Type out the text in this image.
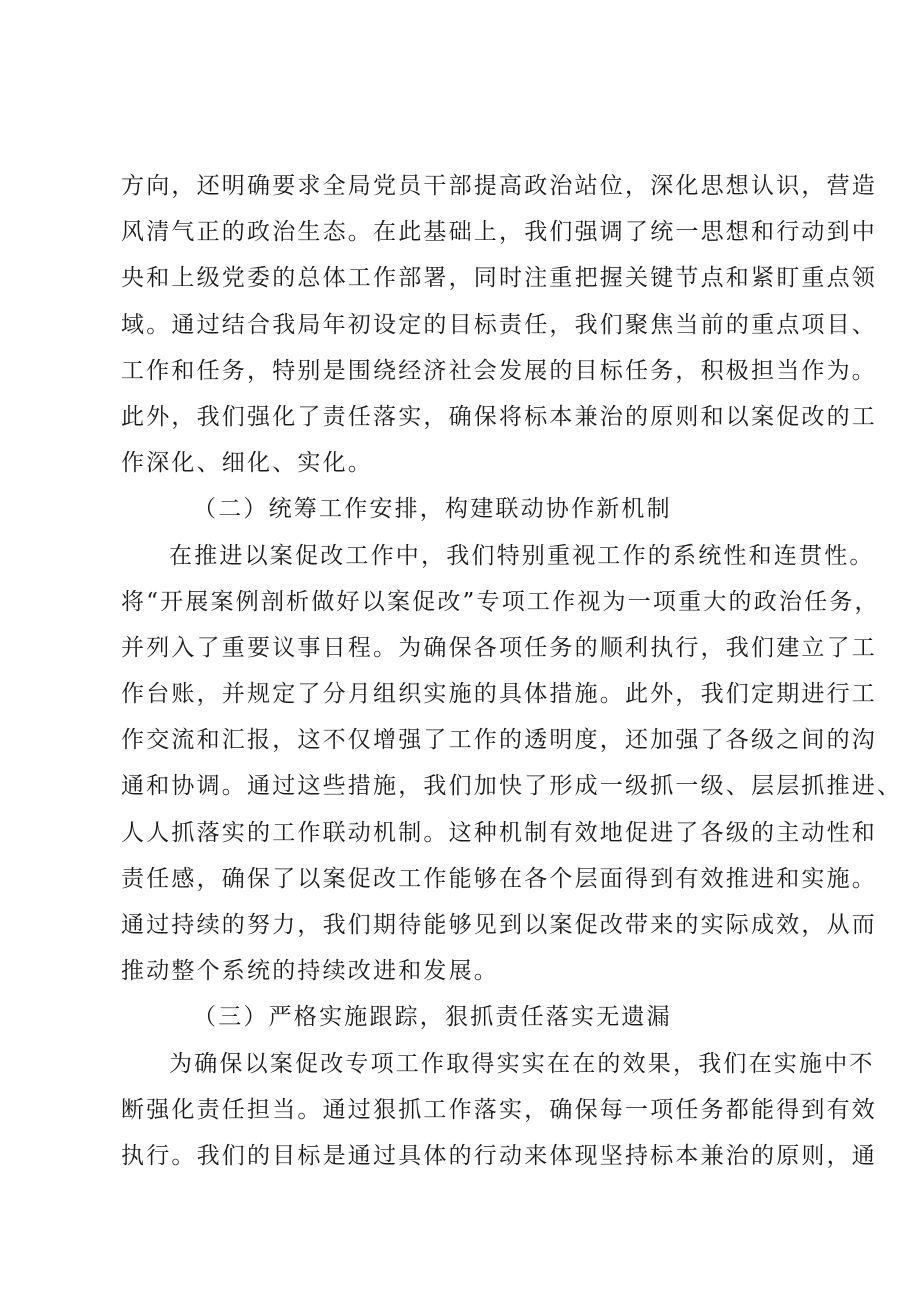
方向，还明确要求全局党员干部提高政治站位，深化思想认识，营造
风清气正的政治生态。在此基础上，我们强调了统一思想和行动到中
央和上级党委的总体工作部署，同时注重把握关键节点和紧盯重点领
域。通过结合我局年初设定的目标责任，我们聚焦当前的重点项目、
工作和任务，特别是围绕经济社会发展的目标任务，积极担当作为。
此外，我们强化了责任落实，确保将标本兼治的原则和以案促改的工
作深化、细化、实化。
（二）统筹工作安排，构建联动协作新机制
在推进以案促改工作中，我们特别重视工作的系统性和连贯性。
将“开展案例剖析做好以案促改”专项工作视为一项重大的政治任务，
并列入了重要议事日程。为确保各项任务的顺利执行，我们建立了工
作台账，并规定了分月组织实施的具体措施。此外，我们定期进行工
作交流和汇报，这不仅增强了工作的透明度，还加强了各级之间的沟
通和协调。通过这些措施，我们加快了形成一级抓一级、层层抓推进、
人人抓落实的工作联动机制。这种机制有效地促进了各级的主动性和
责任感，确保了以案促改工作能够在各个层面得到有效推进和实施。
通过持续的努力，我们期待能够见到以案促改带来的实际成效，从而
推动整个系统的持续改进和发展。
（三）严格实施跟踪，狠抓责任落实无遗漏
为确保以案促改专项工作取得实实在在的效果，我们在实施中不
断强化责任担当。通过狠抓工作落实，确保每一项任务都能得到有效
执行。我们的目标是通过具体的行动来体现坚持标本兼治的原则，通
